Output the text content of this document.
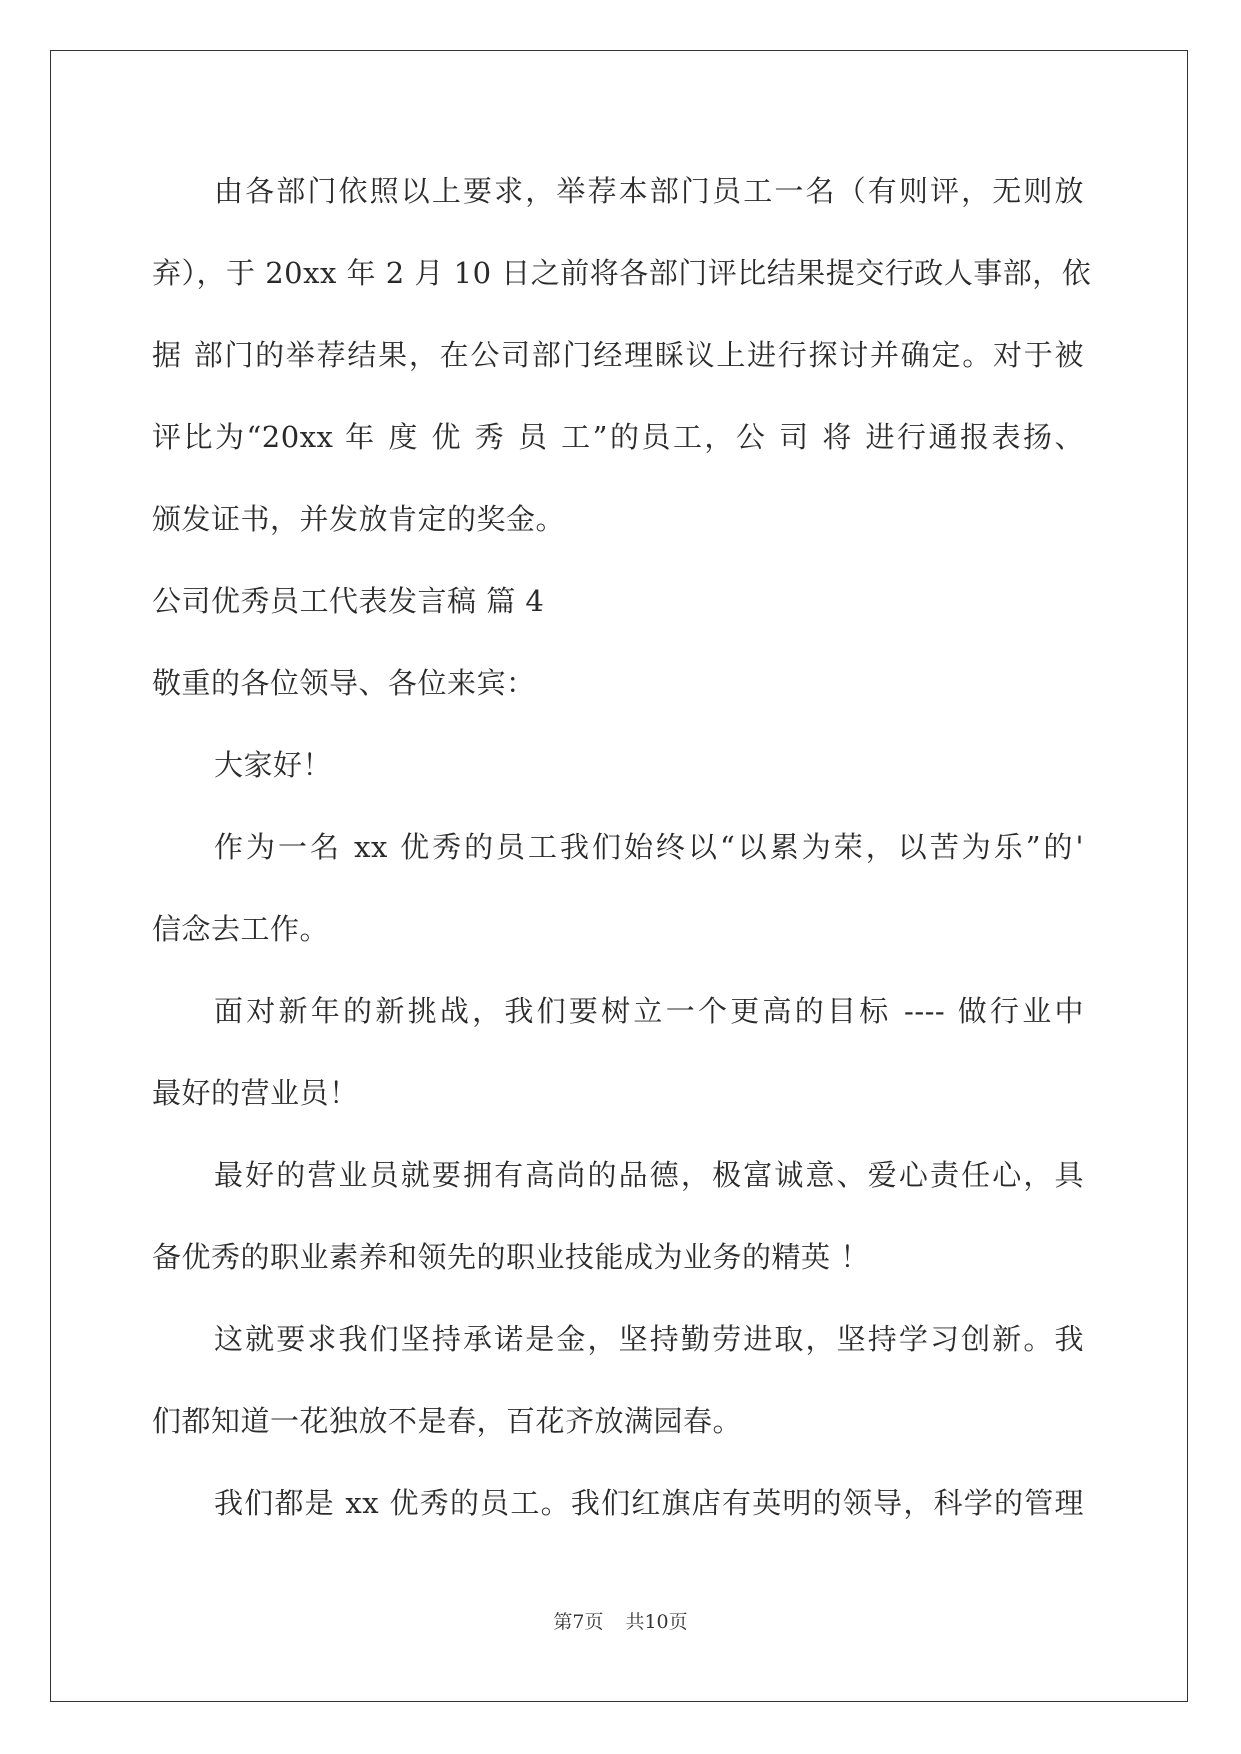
由各部门依照以上要求，举荐本部门员工一名（有则评，无则放
弃），于 20xx 年 2 月 10 日之前将各部门评比结果提交行政人事部，依
据 部门的举荐结果，在公司部门经理睬议上进行探讨并确定。对于被
评比为“20xx 年 度 优 秀 员 工”的员工，公 司 将 进行通报表扬、
颁发证书，并发放肯定的奖金。
公司优秀员工代表发言稿 篇 4
敬重的各位领导、各位来宾：
大家好！
作为一名 xx 优秀的员工我们始终以“以累为荣，以苦为乐”的'
信念去工作。
面对新年的新挑战，我们要树立一个更高的目标 ---- 做行业中
最好的营业员！
最好的营业员就要拥有高尚的品德，极富诚意、爱心责任心，具
备优秀的职业素养和领先的职业技能成为业务的精英 ！
这就要求我们坚持承诺是金，坚持勤劳进取，坚持学习创新。我
们都知道一花独放不是春，百花齐放满园春。
我们都是 xx 优秀的员工。我们红旗店有英明的领导，科学的管理
第7页 共10页
